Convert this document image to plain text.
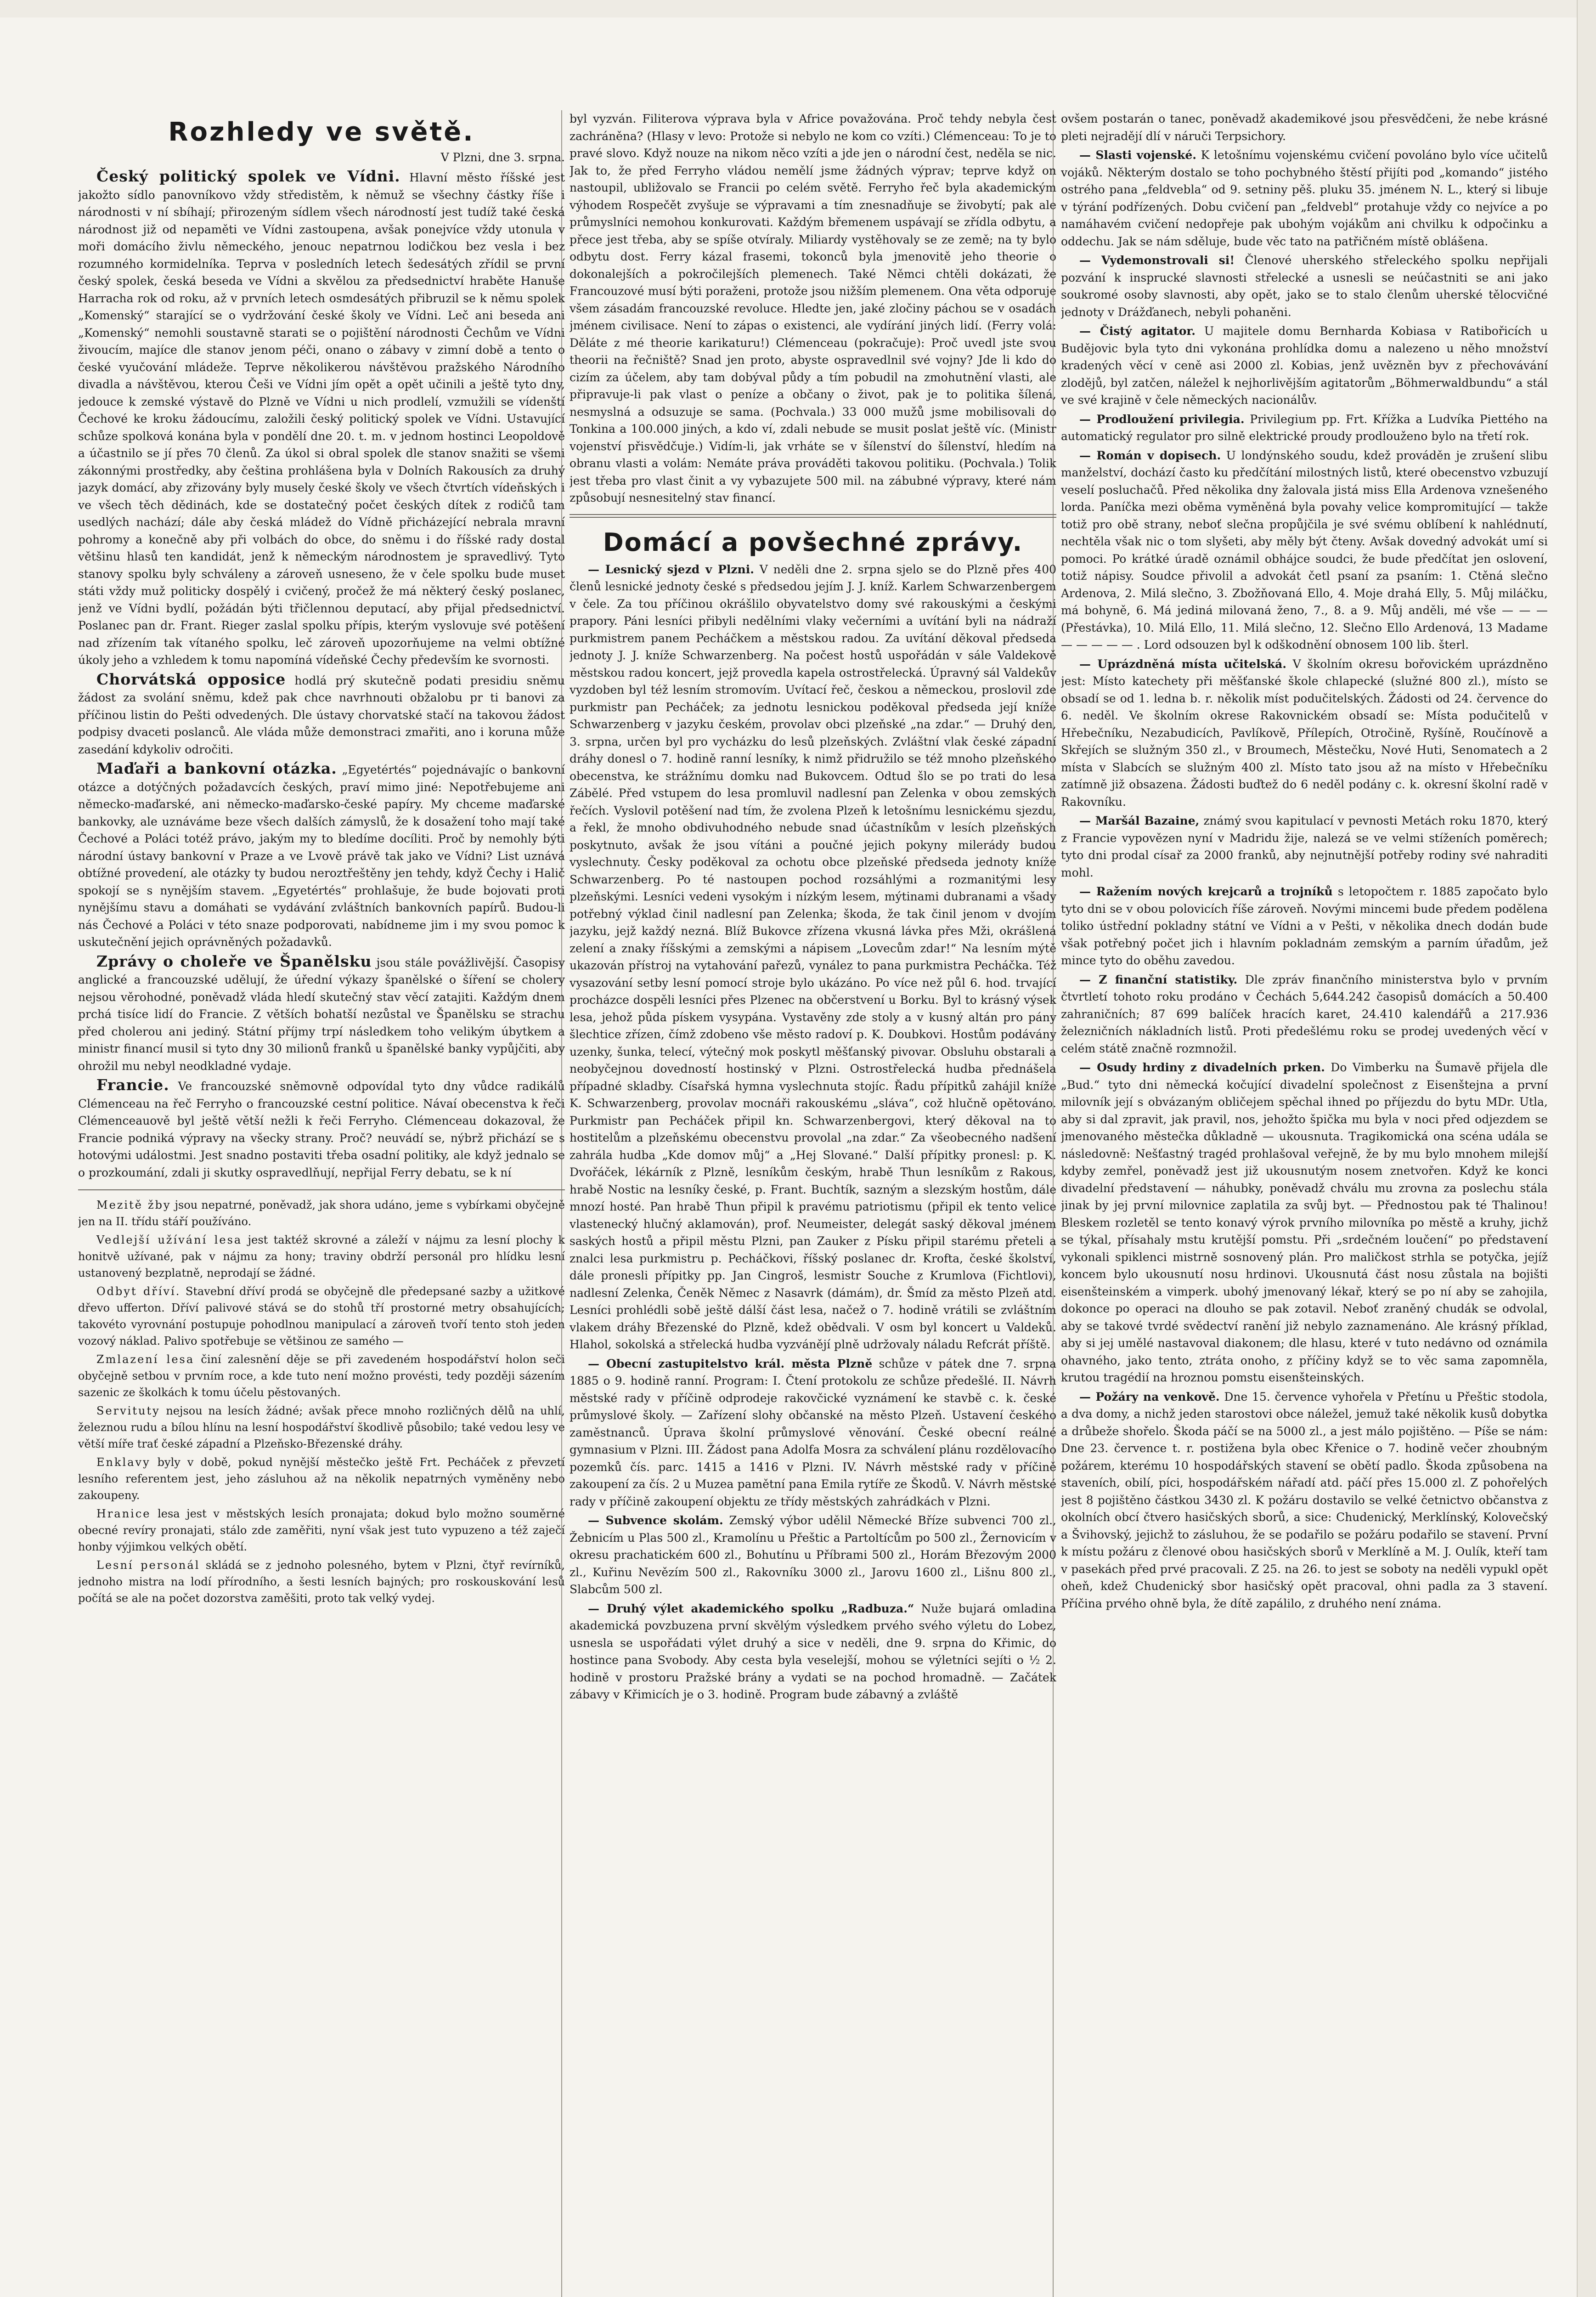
Rozhledy ve světě.
V Plzni, dne 3. srpna.

Český politický spolek ve Vídni. Hlavní město říšské jest jakožto sídlo panovníkovo vždy středistěm, k němuž se všechny částky říše i národnosti v ní sbíhají; přirozeným sídlem všech národností jest tudíž také česká národnost již od nepaměti ve Vídni zastoupena, avšak ponejvíce vždy utonula v moři domácího živlu německého, jenouc nepatrnou lodičkou bez vesla i bez rozumného kormidelníka. Teprva v posledních letech šedesátých zřídil se první český spolek, česká beseda ve Vídni a skvělou za předsednictví hraběte Hanuše Harracha rok od roku, až v prvních letech osmdesátých přibruzil se k němu spolek „Komenský“ starající se o vydržování české školy ve Vídni. Leč ani beseda ani „Komenský“ nemohli soustavně starati se o pojištění národnosti Čechům ve Vídni živoucím, majíce dle stanov jenom péči, onano o zábavy v zimní době a tento o české vyučování mládeže. Teprve několikerou návštěvou pražského Národního divadla a návštěvou, kterou Češi ve Vídni jím opět a opět učinili a ještě tyto dny, jedouce k zemské výstavě do Plzně ve Vídni u nich prodlelí, vzmužili se vídenští Čechové ke kroku žádoucímu, založili český politický spolek ve Vídni. Ustavující schůze spolková konána byla v pondělí dne 20. t. m. v jednom hostinci Leopoldově a účastnilo se jí přes 70 členů. Za úkol si obral spolek dle stanov snažiti se všemi zákonnými prostředky, aby čeština prohlášena byla v Dolních Rakousích za druhý jazyk domácí, aby zřizovány byly musely české školy ve všech čtvrtích vídeňských i ve všech těch dědinách, kde se dostatečný počet českých dítek z rodičů tam usedlých nachází; dále aby česká mládež do Vídně přicházející nebrala mravní pohromy a konečně aby při volbách do obce, do sněmu i do říšské rady dostal většinu hlasů ten kandidát, jenž k německým národnostem je spravedlivý. Tyto stanovy spolku byly schváleny a zároveň usneseno, že v čele spolku bude muset státi vždy muž politicky dospělý i cvičený, pročež že má některý český poslanec, jenž ve Vídni bydlí, požádán býti třičlennou deputací, aby přijal předsednictví. Poslanec pan dr. Frant. Rieger zaslal spolku přípis, kterým vyslovuje své potěšení nad zřízením tak vítaného spolku, leč zároveň upozorňujeme na velmi obtížné úkoly jeho a vzhledem k tomu napomíná vídeňské Čechy především ke svornosti.

Chorvátská opposice hodlá prý skutečně podati presidiu sněmu žádost za svolání sněmu, kdež pak chce navrhnouti obžalobu pr ti banovi za příčinou listin do Pešti odvedených. Dle ústavy chorvatské stačí na takovou žádost podpisy dvaceti poslanců. Ale vláda může demonstraci zmařiti, ano i koruna může zasedání kdykoliv odročiti.

Maďaři a bankovní otázka. „Egyetértés“ pojednávajíc o bankovní otázce a dotýčných požadavcích českých, praví mimo jiné: Nepotřebujeme ani německo-maďarské, ani německo-maďarsko-české papíry. My chceme maďarské bankovky, ale uznáváme beze všech dalších zámyslů, že k dosažení toho mají také Čechové a Poláci totéž právo, jakým my to bledíme docíliti. Proč by nemohly býti národní ústavy bankovní v Praze a ve Lvově právě tak jako ve Vídni? List uznává obtížné provedení, ale otázky ty budou neroztřeštěny jen tehdy, když Čechy i Halič spokojí se s nynějším stavem. „Egyetértés“ prohlašuje, že bude bojovati proti nynějšímu stavu a domáhati se vydávání zvláštních bankovních papírů. Budou-li nás Čechové a Poláci v této snaze podporovati, nabídneme jim i my svou pomoc k uskutečnění jejich oprávněných požadavků.

Zprávy o choleře ve Španělsku jsou stále povážlivější. Časopisy anglické a francouzské udělují, že úřední výkazy španělské o šíření se cholery nejsou věrohodné, poněvadž vláda hledí skutečný stav věcí zatajiti. Každým dnem prchá tisíce lidí do Francie. Z větších bohatší nezůstal ve Španělsku se strachu před cholerou ani jediný. Státní příjmy trpí následkem toho velikým úbytkem a ministr financí musil si tyto dny 30 milionů franků u španělské banky vypůjčiti, aby ohrožil mu nebyl neodkladné vydaje.

Francie. Ve francouzské sněmovně odpovídal tyto dny vůdce radikálů Clémenceau na řeč Ferryho o francouzské cestní politice. Návaí obecenstva k řeči Clémenceauově byl ještě větší nežli k řeči Ferryho. Clémenceau dokazoval, že Francie podniká výpravy na všecky strany. Proč? neuvádí se, nýbrž přichází se s hotovými událostmi. Jest snadno postaviti třeba osadní politiky, ale když jednalo se o prozkoumání, zdali ji skutky ospravedlňují, nepřijal Ferry debatu, se k ní

Mezitě žby jsou nepatrné, poněvadž, jak shora udáno, jeme s vybírkami obyčejně jen na II. třídu stáří používáno.

Vedlejší užívání lesa jest taktéž skrovné a záleží v nájmu za lesní plochy k honitvě užívané, pak v nájmu za hony; traviny obdrží personál pro hlídku lesní ustanovený bezplatně, neprodají se žádné.

Odbyt dříví. Stavební dříví prodá se obyčejně dle předepsané sazby a užitkové dřevo ufferton. Dříví palivové stává se do stohů tří prostorné metry obsahujících; takovéto vyrovnání postupuje pohodlnou manipulací a zároveň tvoří tento stoh jeden vozový náklad. Palivo spotřebuje se většinou ze samého —

Zmlazení lesa činí zalesnění děje se při zavedeném hospodářství holon seči obyčejně setbou v prvním roce, a kde tuto není možno provésti, tedy později sázením sazenic ze školkách k tomu účelu pěstovaných.

Servituty nejsou na lesích žádné; avšak přece mnoho rozličných dělů na uhlí, železnou rudu a bílou hlínu na lesní hospodářství škodlivě působilo; také vedou lesy ve větší míře trať české západní a Plzeňsko-Březenské dráhy.

Enklavy byly v době, pokud nynější městečko ještě Frt. Pecháček z převzetí lesního referentem jest, jeho zásluhou až na několik nepatrných vyměněny nebo zakoupeny.

Hranice lesa jest v městských lesích pronajata; dokud bylo možno souměrné obecné revíry pronajati, stálo zde zaměřiti, nyní však jest tuto vypuzeno a též zaječí honby výjimkou velkých obětí.

Lesní personál skládá se z jednoho polesného, bytem v Plzni, čtyř revírníků, jednoho mistra na lodí přírodního, a šesti lesních bajných; pro roskouskování lesů počítá se ale na počet dozorstva zaměšiti, proto tak velký vydej.

byl vyzván. Filiterova výprava byla v Africe považována. Proč tehdy nebyla čest zachráněna? (Hlasy v levo: Protože si nebylo ne kom co vzíti.) Clémenceau: To je to pravé slovo. Když nouze na nikom něco vzíti a jde jen o národní čest, neděla se nic. Jak to, že před Ferryho vládou nemělí jsme žádných výprav; teprve když on nastoupil, ubližovalo se Francii po celém světě. Ferryho řeč byla akademickým výhodem Rospečět zvyšuje se výpravami a tím znesnadňuje se živobytí; pak ale průmyslníci nemohou konkurovati. Každým břemenem uspávají se zřídla odbytu, a přece jest třeba, aby se spíše otvíraly. Miliardy vystěhovaly se ze země; na ty bylo odbytu dost. Ferry kázal frasemi, tokonců byla jmenovitě jeho theorie o dokonalejších a pokročilejších plemenech. Také Němci chtěli dokázati, že Francouzové musí býti poraženi, protože jsou nižším plemenem. Ona věta odporuje všem zásadám francouzské revoluce. Hledte jen, jaké zločiny páchou se v osadách jménem civilisace. Není to zápas o existenci, ale vydírání jiných lidí. (Ferry volá: Děláte z mé theorie karikaturu!) Clémenceau (pokračuje): Proč uvedl jste svou theorii na řečniště? Snad jen proto, abyste ospravedlnil své vojny? Jde li kdo do cizím za účelem, aby tam dobýval půdy a tím pobudil na zmohutnění vlasti, ale připravuje-li pak vlast o peníze a občany o život, pak je to politika šílená, nesmyslná a odsuzuje se sama. (Pochvala.) 33 000 mužů jsme mobilisovali do Tonkina a 100.000 jiných, a kdo ví, zdali nebude se musit poslat ještě víc. (Ministr vojenství přisvědčuje.) Vidím-li, jak vrháte se v šílenství do šílenství, hledím na obranu vlasti a volám: Nemáte práva prováděti takovou politiku. (Pochvala.) Tolik jest třeba pro vlast činit a vy vybazujete 500 mil. na zábubné výpravy, které nám způsobují nesnesitelný stav financí.

Domácí a povšechné zprávy.

— Lesnický sjezd v Plzni. V neděli dne 2. srpna sjelo se do Plzně přes 400 členů lesnické jednoty české s předsedou jejím J. J. kníž. Karlem Schwarzenbergem v čele. Za tou příčinou okrášlilo obyvatelstvo domy své rakouskými a českými prapory. Páni lesníci přibyli nedělními vlaky večerními a uvítání byli na nádraží purkmistrem panem Pecháčkem a městskou radou. Za uvítání děkoval předseda jednoty J. J. kníže Schwarzenberg. Na počest hostů uspořádán v sále Valdekově městskou radou koncert, jejž provedla kapela ostrostřelecká. Úpravný sál Valdekův vyzdoben byl též lesním stromovím. Uvítací řeč, českou a německou, proslovil zde purkmistr pan Pecháček; za jednotu lesnickou poděkoval předseda její kníže Schwarzenberg v jazyku českém, provolav obci plzeňské „na zdar.“ — Druhý den, 3. srpna, určen byl pro vycházku do lesů plzeňských. Zvláštní vlak české západní dráhy donesl o 7. hodině ranní lesníky, k nimž přidružilo se též mnoho plzeňského obecenstva, ke strážnímu domku nad Bukovcem. Odtud šlo se po trati do lesa Zábělé. Před vstupem do lesa promluvil nadlesní pan Zelenka v obou zemských řečích. Vyslovil potěšení nad tím, že zvolena Plzeň k letošnímu lesnickému sjezdu, a řekl, že mnoho obdivuhodného nebude snad účastníkům v lesích plzeňských poskytnuto, avšak že jsou vítáni a poučné jejich pokyny milerády budou vyslechnuty. Česky poděkoval za ochotu obce plzeňské předseda jednoty kníže Schwarzenberg. Po té nastoupen pochod rozsáhlými a rozmanitými lesy plzeňskými. Lesníci vedeni vysokým i nízkým lesem, mýtinami dubranami a všady potřebný výklad činil nadlesní pan Zelenka; škoda, že tak činil jenom v dvojím jazyku, jejž každý nezná. Blíž Bukovce zřízena vkusná lávka přes Mži, okrášlená zelení a znaky říšskými a zemskými a nápisem „Lovecům zdar!“ Na lesním mýtě ukazován přístroj na vytahování pařezů, vynález to pana purkmistra Pecháčka. Též vysazování setby lesní pomocí stroje bylo ukázáno. Po více než půl 6. hod. trvající procházce dospěli lesníci přes Plzenec na občerstvení u Borku. Byl to krásný výsek lesa, jehož půda pískem vysypána. Vystavěny zde stoly a v kusný altán pro pány šlechtice zřízen, čímž zdobeno vše město radoví p. K. Doubkovi. Hostům podávány uzenky, šunka, telecí, výtečný mok poskytl měšťanský pivovar. Obsluhu obstarali a neobyčejnou dovedností hostinský v Plzni. Ostrostřelecká hudba přednášela případné skladby. Císařská hymna vyslechnuta stojíc. Řadu přípitků zahájil kníže K. Schwarzenberg, provolav mocnáři rakouskému „sláva“, což hlučně opětováno. Purkmistr pan Pecháček připil kn. Schwarzenbergovi, který děkoval na to hostitelům a plzeňskému obecenstvu provolal „na zdar.“ Za všeobecného nadšení zahrála hudba „Kde domov můj“ a „Hej Slované.“ Další přípitky pronesl: p. K. Dvořáček, lékárník z Plzně, lesníkům českým, hrabě Thun lesníkům z Rakous, hrabě Nostic na lesníky české, p. Frant. Buchtík, sazným a slezským hostům, dále mnozí hosté. Pan hrabě Thun připil k pravému patriotismu (připil ek tento velice vlastenecký hlučný aklamován), prof. Neumeister, delegát saský děkoval jménem saských hostů a připil městu Plzni, pan Zauker z Písku připil starému přeteli a znalci lesa purkmistru p. Pecháčkovi, říšský poslanec dr. Krofta, české školství, dále pronesli přípitky pp. Jan Cingroš, lesmistr Souche z Krumlova (Fichtlovi), nadlesní Zelenka, Čeněk Němec z Nasavrk (dámám), dr. Šmíd za město Plzeň atd. Lesníci prohlédli sobě ještě dálší část lesa, načež o 7. hodině vrátili se zvláštním vlakem dráhy Březenské do Plzně, kdež obědvali. V osm byl koncert u Valdeků. Hlahol, sokolská a střelecká hudba vyzvánějí plně udržovaly náladu Refcrát příště.

— Obecní zastupitelstvo král. města Plzně schůze v pátek dne 7. srpna 1885 o 9. hodině ranní. Program: I. Čtení protokolu ze schůze předešlé. II. Návrh městské rady v příčině odprodeje rakovčické vyznámení ke stavbě c. k. české průmyslové školy. — Zařízení slohy občanské na město Plzeň. Ustavení českého zaměstnanců. Úprava školní průmyslové věnování. České obecní reálné gymnasium v Plzni. III. Žádost pana Adolfa Mosra za schválení plánu rozdělovacího pozemků čís. parc. 1415 a 1416 v Plzni. IV. Návrh městské rady v příčině zakoupení za čís. 2 u Muzea pamětní pana Emila rytíře ze Škodů. V. Návrh městské rady v příčině zakoupení objektu ze třídy městských zahrádkách v Plzni.

— Subvence skolám. Zemský výbor udělil Německé Bříze subvenci 700 zl., Žebnicím u Plas 500 zl., Kramolínu u Přeštic a Partoltícům po 500 zl., Žernovicím v okresu prachatickém 600 zl., Bohutínu u Příbrami 500 zl., Horám Březovým 2000 zl., Kuřinu Nevězím 500 zl., Rakovníku 3000 zl., Jarovu 1600 zl., Lišnu 800 zl., Slabcům 500 zl.

— Druhý výlet akademického spolku „Radbuza.“ Nuže bujará omladina akademická povzbuzena první skvělým výsledkem prvého svého výletu do Lobez, usnesla se uspořádati výlet druhý a sice v neděli, dne 9. srpna do Křimic, do hostince pana Svobody. Aby cesta byla veselejší, mohou se výletníci sejíti o ½ 2. hodině v prostoru Pražské brány a vydati se na pochod hromadně. — Začátek zábavy v Křimicích je o 3. hodině. Program bude zábavný a zvláště

ovšem postarán o tanec, poněvadž akademikové jsou přesvědčeni, že nebe krásné pleti nejradějí dlí v náruči Terpsichory.

— Slasti vojenské. K letošnímu vojenskému cvičení povoláno bylo více učitelů vojáků. Některým dostalo se toho pochybného štěstí přijíti pod „komando“ jistého ostrého pana „feldvebla“ od 9. setniny pěš. pluku 35. jménem N. L., který si libuje v týrání podřízených. Dobu cvičení pan „feldvebl“ protahuje vždy co nejvíce a po namáhavém cvičení nedopřeje pak ubohým vojákům ani chvilku k odpočinku a oddechu. Jak se nám sděluje, bude věc tato na patřičném místě oblášena.

— Vydemonstrovali si! Členové uherského střeleckého spolku nepřijali pozvání k insprucké slavnosti střelecké a usnesli se neúčastniti se ani jako soukromé osoby slavnosti, aby opět, jako se to stalo členům uherské tělocvičné jednoty v Drážďanech, nebyli pohaněni.

— Čistý agitator. U majitele domu Bernharda Kobiasa v Ratibořicích u Budějovic byla tyto dni vykonána prohlídka domu a nalezeno u něho množství kradených věcí v ceně asi 2000 zl. Kobias, jenž uvězněn byv z přechovávání zlodějů, byl zatčen, náležel k nejhorlivějším agitatorům „Böhmerwaldbundu“ a stál ve své krajině v čele německých nacionálův.

— Prodloužení privilegia. Privilegium pp. Frt. Křížka a Ludvíka Piettého na automatický regulator pro silně elektrické proudy prodlouženo bylo na třetí rok.

— Román v dopisech. U londýnského soudu, kdež prováděn je zrušení slibu manželství, dochází často ku předčítání milostných listů, které obecenstvo vzbuzují veselí posluchačů. Před několika dny žalovala jistá miss Ella Ardenova vznešeného lorda. Paníčka mezi oběma vyměněná byla povahy velice kompromitující — takže totiž pro obě strany, neboť slečna propůjčila je své svému oblíbení k nahlédnutí, nechtěla však nic o tom slyšeti, aby měly být čteny. Avšak dovedný advokát umí si pomoci. Po krátké úradě oznámil obhájce soudci, že bude předčítat jen oslovení, totiž nápisy. Soudce přivolil a advokát četl psaní za psaním: 1. Ctěná slečno Ardenova, 2. Milá slečno, 3. Zbožňovaná Ello, 4. Moje drahá Elly, 5. Můj miláčku, má bohyně, 6. Má jediná milovaná ženo, 7., 8. a 9. Můj anděli, mé vše — — — (Přestávka), 10. Milá Ello, 11. Milá slečno, 12. Slečno Ello Ardenová, 13 Madame — — — — — . Lord odsouzen byl k odškodnění obnosem 100 lib. šterl.

— Uprázdněná místa učitelská. V školním okresu bořovickém uprázdněno jest: Místo katechety při měšťanské škole chlapecké (služné 800 zl.), místo se obsadí se od 1. ledna b. r. několik míst podučitelských. Žádosti od 24. července do 6. neděl. Ve školním okrese Rakovnickém obsadí se: Místa podučitelů v Hřebečníku, Nezabudicích, Pavlíkově, Přílepích, Otročině, Ryšíně, Roučínově a Skřejích se služným 350 zl., v Broumech, Městečku, Nové Huti, Senomatech a 2 místa v Slabcích se služným 400 zl. Místo tato jsou až na místo v Hřebečníku zatímně již obsazena. Žádosti buďtež do 6 neděl podány c. k. okresní školní radě v Rakovníku.

— Maršál Bazaine, známý svou kapitulací v pevnosti Metách roku 1870, který z Francie vypovězen nyní v Madridu žije, nalezá se ve velmi stíženích poměrech; tyto dni prodal císař za 2000 franků, aby nejnutnější potřeby rodiny své nahraditi mohl.

— Ražením nových krejcarů a trojníků s letopočtem r. 1885 započato bylo tyto dni se v obou polovicích říše zároveň. Novými mincemi bude předem podělena toliko ústřední pokladny státní ve Vídni a v Pešti, v několika dnech dodán bude však potřebný počet jich i hlavním pokladnám zemským a parním úřadům, jež mince tyto do oběhu zavedou.

— Z finanční statistiky. Dle zpráv finančního ministerstva bylo v prvním čtvrtletí tohoto roku prodáno v Čechách 5,644.242 časopisů domácích a 50.400 zahraničních; 87 699 balíček hracích karet, 24.410 kalendářů a 217.936 železničních nákladních listů. Proti předešlému roku se prodej uvedených věcí v celém státě značně rozmnožil.

— Osudy hrdiny z divadelních prken. Do Vimberku na Šumavě přijela dle „Bud.“ tyto dni německá kočující divadelní společnost z Eisenštejna a první milovník její s obvázaným obličejem spěchal ihned po příjezdu do bytu MDr. Utla, aby si dal zpravit, jak pravil, nos, jehožto špička mu byla v noci před odjezdem se jmenovaného městečka důkladně — ukousnuta. Tragikomická ona scéna udála se následovně: Nešťastný tragéd prohlašoval veřejně, že by mu bylo mnohem milejší kdyby zemřel, poněvadž jest již ukousnutým nosem znetvořen. Když ke konci divadelní představení — náhubky, poněvadž chválu mu zrovna za poslechu stála jinak by jej první milovnice zaplatila za svůj byt. — Přednostou pak té Thalinou! Bleskem rozletěl se tento konavý výrok prvního milovníka po městě a kruhy, jichž se týkal, přísahaly mstu krutější pomstu. Při „srdečném loučení“ po představení vykonali spiklenci mistrně sosnovený plán. Pro maličkost strhla se potyčka, jejíž koncem bylo ukousnutí nosu hrdinovi. Ukousnutá část nosu zůstala na bojišti eisenšteinském a vimperk. ubohý jmenovaný lékař, který se po ní aby se zahojila, dokonce po operaci na dlouho se pak zotavil. Neboť zraněný chudák se odvolal, aby se takové tvrdé svědectví ranění již nebylo zaznamenáno. Ale krásný příklad, aby si jej umělé nastavoval diakonem; dle hlasu, které v tuto nedávno od oznámila ohavného, jako tento, ztráta onoho, z příčiny když se to věc sama zapomněla, krutou tragédií na hroznou pomstu eisenšteinských.

— Požáry na venkově. Dne 15. července vyhořela v Přetínu u Přeštic stodola, a dva domy, a nichž jeden starostovi obce náležel, jemuž také několik kusů dobytka a drůbeže shořelo. Škoda páčí se na 5000 zl., a jest málo pojištěno. — Píše se nám: Dne 23. července t. r. postižena byla obec Křenice o 7. hodině večer zhoubným požárem, kterému 10 hospodářských stavení se obětí padlo. Škoda způsobena na staveních, obilí, píci, hospodářském nářadí atd. páčí přes 15.000 zl. Z pohořelých jest 8 pojištěno částkou 3430 zl. K požáru dostavilo se velké četnictvo občanstva z okolních obcí čtvero hasičských sborů, a sice: Chudenický, Merklínský, Kolovečský a Švihovský, jejichž to zásluhou, že se podařilo se požáru podařilo se stavení. První k místu požáru z členové obou hasičských sborů v Merklíně a M. J. Oulík, kteří tam v pasekách před prvé pracovali. Z 25. na 26. to jest se soboty na neděli vypukl opět oheň, kdež Chudenický sbor hasičský opět pracoval, ohni padla za 3 stavení. Příčina prvého ohně byla, že dítě zapálilo, z druhého není známa.
